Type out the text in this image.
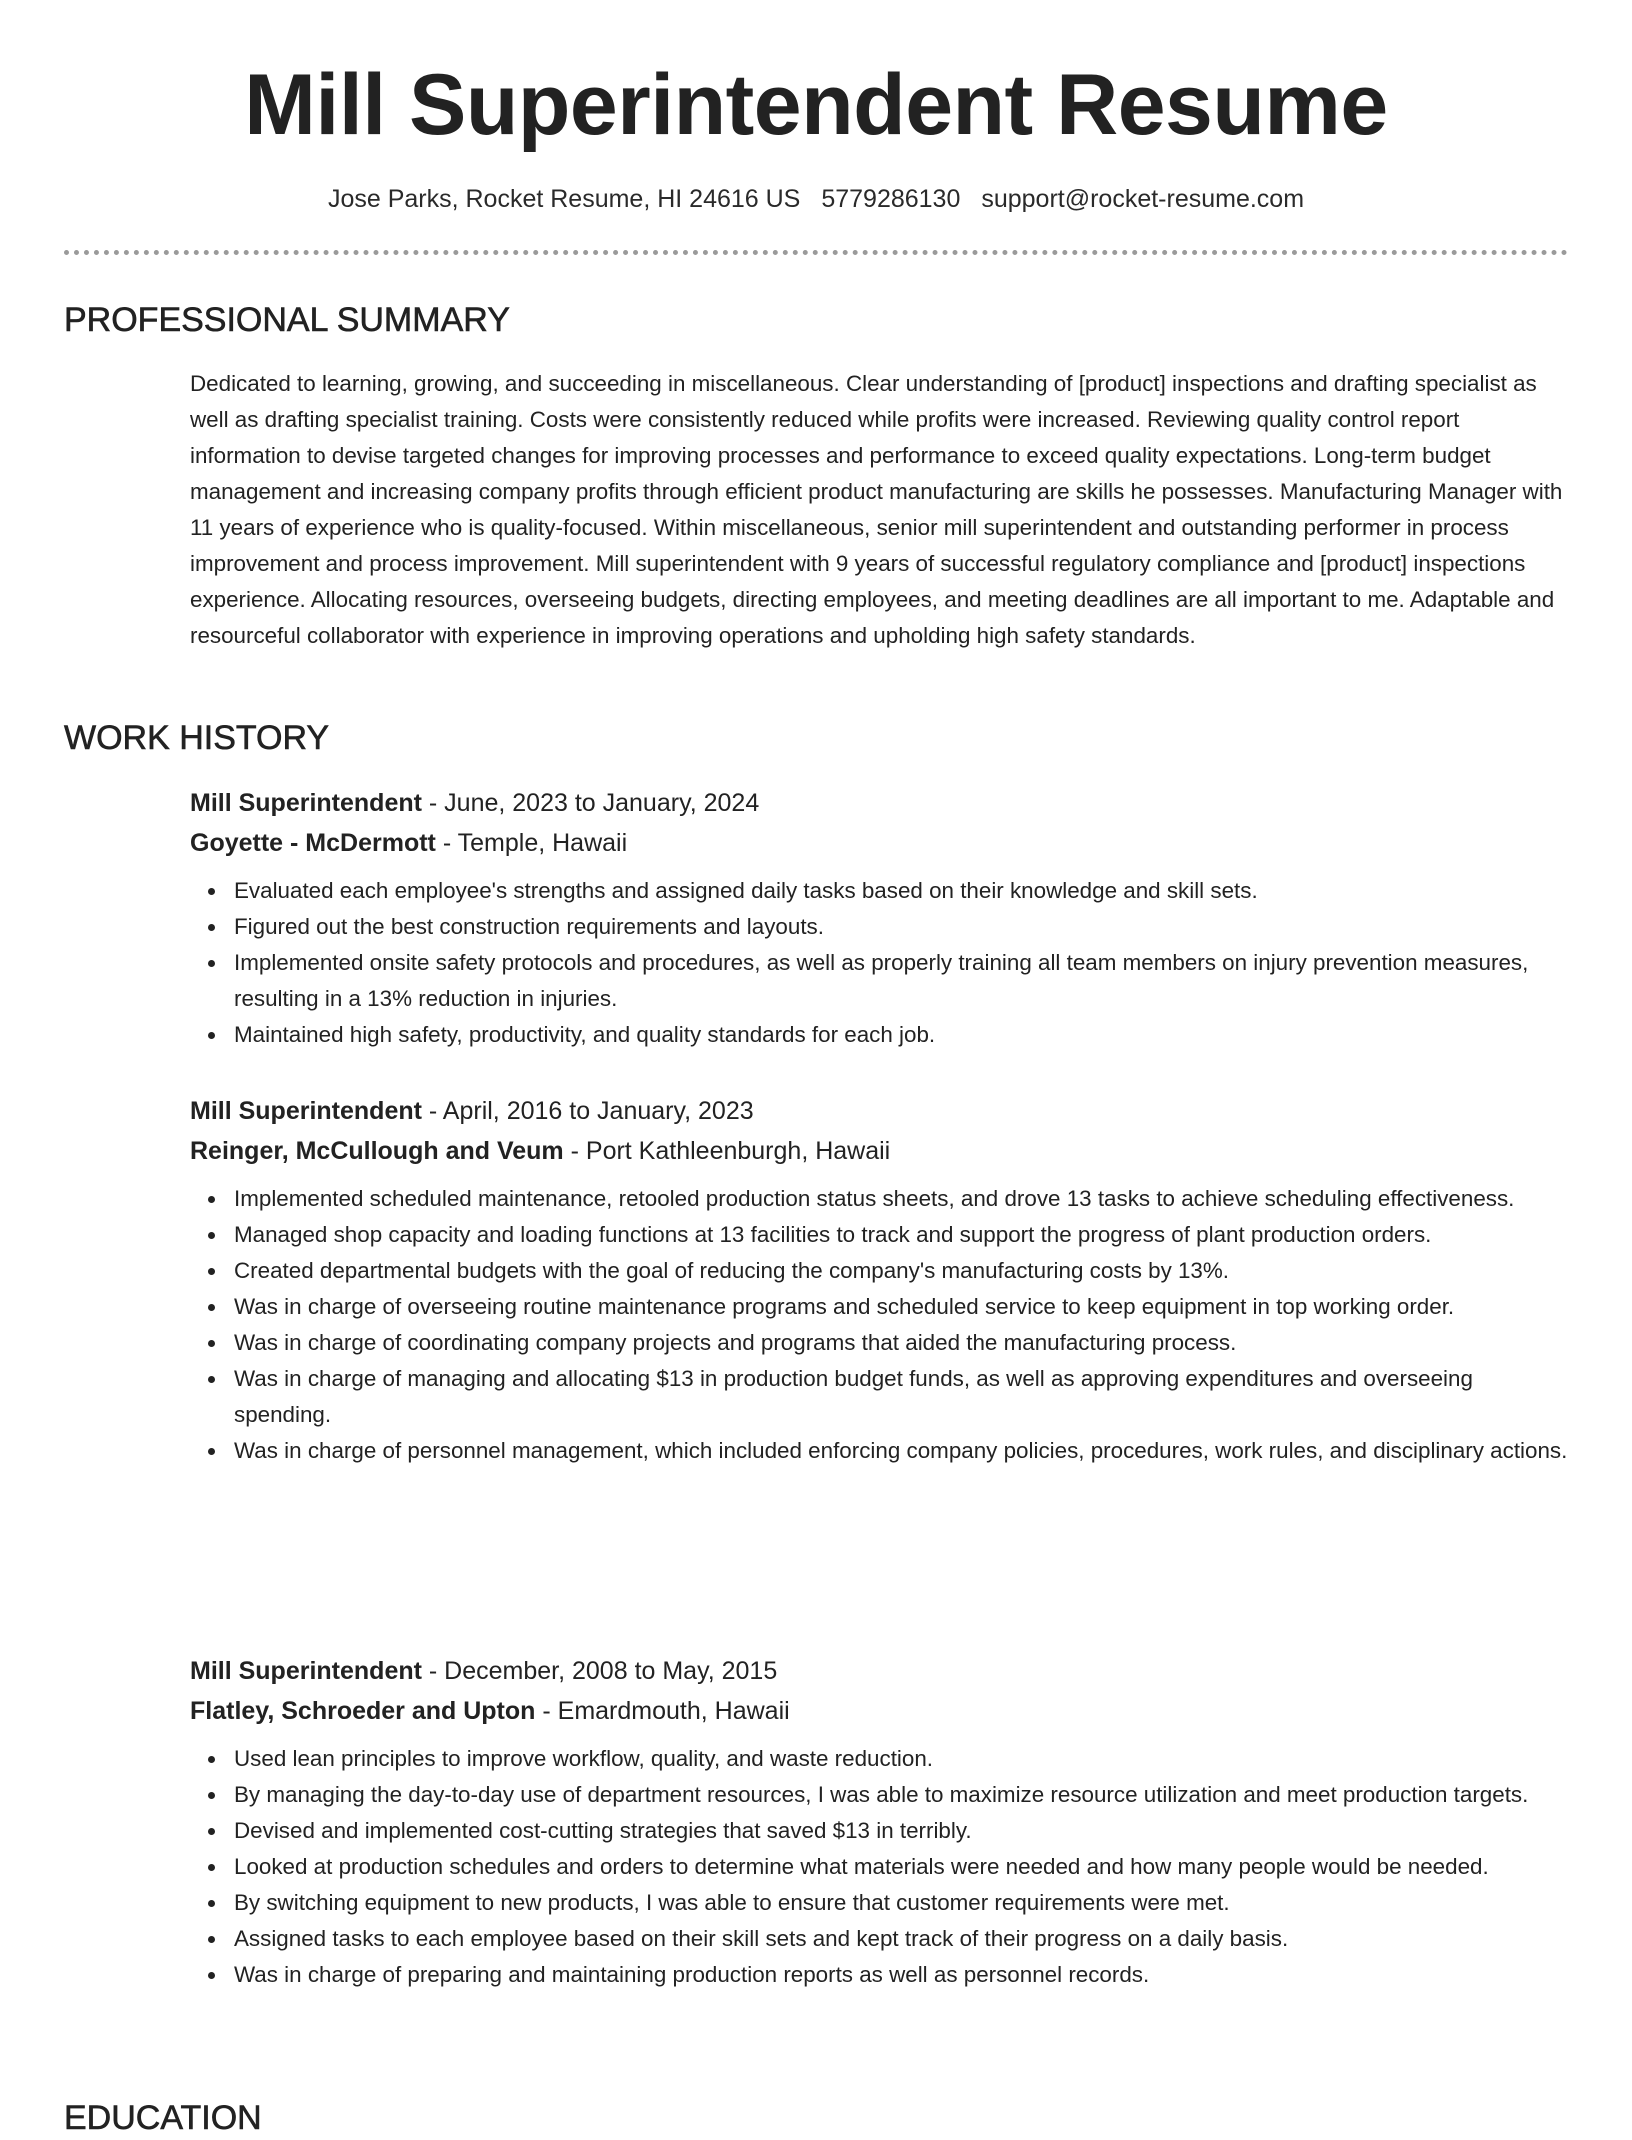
Mill Superintendent Resume
Jose Parks, Rocket Resume, HI 24616 US 5779286130 support@rocket-resume.com
PROFESSIONAL SUMMARY

Dedicated to learning, growing, and succeeding in miscellaneous. Clear understanding of [product] inspections and drafting specialist as well as drafting specialist training. Costs were consistently reduced while profits were increased. Reviewing quality control report information to devise targeted changes for improving processes and performance to exceed quality expectations. Long-term budget management and increasing company profits through efficient product manufacturing are skills he possesses. Manufacturing Manager with 11 years of experience who is quality-focused. Within miscellaneous, senior mill superintendent and outstanding performer in process improvement and process improvement. Mill superintendent with 9 years of successful regulatory compliance and [product] inspections experience. Allocating resources, overseeing budgets, directing employees, and meeting deadlines are all important to me. Adaptable and resourceful collaborator with experience in improving operations and upholding high safety standards.

WORK HISTORY
Mill Superintendent - June, 2023 to January, 2024
Goyette - McDermott - Temple, Hawaii
Evaluated each employee's strengths and assigned daily tasks based on their knowledge and skill sets.
Figured out the best construction requirements and layouts.
Implemented onsite safety protocols and procedures, as well as properly training all team members on injury prevention measures, resulting in a 13% reduction in injuries.
Maintained high safety, productivity, and quality standards for each job.
Mill Superintendent - April, 2016 to January, 2023
Reinger, McCullough and Veum - Port Kathleenburgh, Hawaii
Implemented scheduled maintenance, retooled production status sheets, and drove 13 tasks to achieve scheduling effectiveness.
Managed shop capacity and loading functions at 13 facilities to track and support the progress of plant production orders.
Created departmental budgets with the goal of reducing the company's manufacturing costs by 13%.
Was in charge of overseeing routine maintenance programs and scheduled service to keep equipment in top working order.
Was in charge of coordinating company projects and programs that aided the manufacturing process.
Was in charge of managing and allocating $13 in production budget funds, as well as approving expenditures and overseeing spending.
Was in charge of personnel management, which included enforcing company policies, procedures, work rules, and disciplinary actions.
Mill Superintendent - December, 2008 to May, 2015
Flatley, Schroeder and Upton - Emardmouth, Hawaii
Used lean principles to improve workflow, quality, and waste reduction.
By managing the day-to-day use of department resources, I was able to maximize resource utilization and meet production targets.
Devised and implemented cost-cutting strategies that saved $13 in terribly.
Looked at production schedules and orders to determine what materials were needed and how many people would be needed.
By switching equipment to new products, I was able to ensure that customer requirements were met.
Assigned tasks to each employee based on their skill sets and kept track of their progress on a daily basis.
Was in charge of preparing and maintaining production reports as well as personnel records.
EDUCATION
